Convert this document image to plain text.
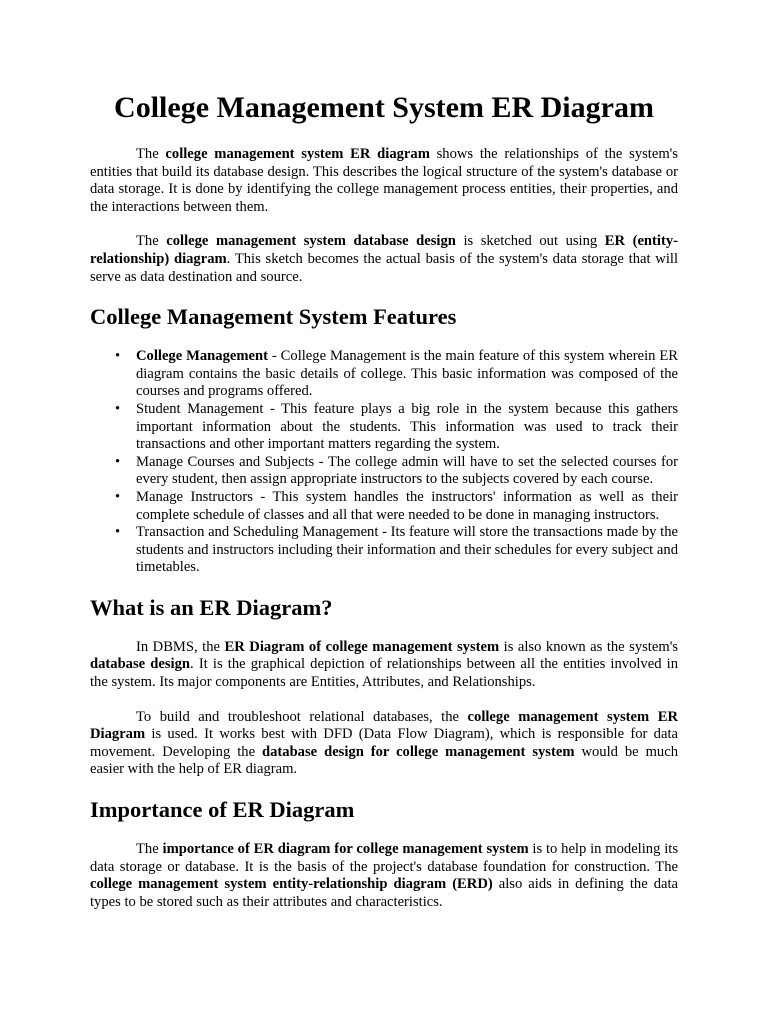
College Management System ER Diagram

The college management system ER diagram shows the relationships of the system's entities that build its database design. This describes the logical structure of the system's database or data storage. It is done by identifying the college management process entities, their properties, and the interactions between them.

The college management system database design is sketched out using ER (entity-relationship) diagram. This sketch becomes the actual basis of the system's data storage that will serve as data destination and source.

College Management System Features
• College Management - College Management is the main feature of this system wherein ER diagram contains the basic details of college. This basic information was composed of the courses and programs offered.
• Student Management - This feature plays a big role in the system because this gathers important information about the students. This information was used to track their transactions and other important matters regarding the system.
• Manage Courses and Subjects - The college admin will have to set the selected courses for every student, then assign appropriate instructors to the subjects covered by each course.
• Manage Instructors - This system handles the instructors' information as well as their complete schedule of classes and all that were needed to be done in managing instructors.
• Transaction and Scheduling Management - Its feature will store the transactions made by the students and instructors including their information and their schedules for every subject and timetables.
What is an ER Diagram?

In DBMS, the ER Diagram of college management system is also known as the system's database design. It is the graphical depiction of relationships between all the entities involved in the system. Its major components are Entities, Attributes, and Relationships.

To build and troubleshoot relational databases, the college management system ER Diagram is used. It works best with DFD (Data Flow Diagram), which is responsible for data movement. Developing the database design for college management system would be much easier with the help of ER diagram.

Importance of ER Diagram

The importance of ER diagram for college management system is to help in modeling its data storage or database. It is the basis of the project's database foundation for construction. The college management system entity-relationship diagram (ERD) also aids in defining the data types to be stored such as their attributes and characteristics.
